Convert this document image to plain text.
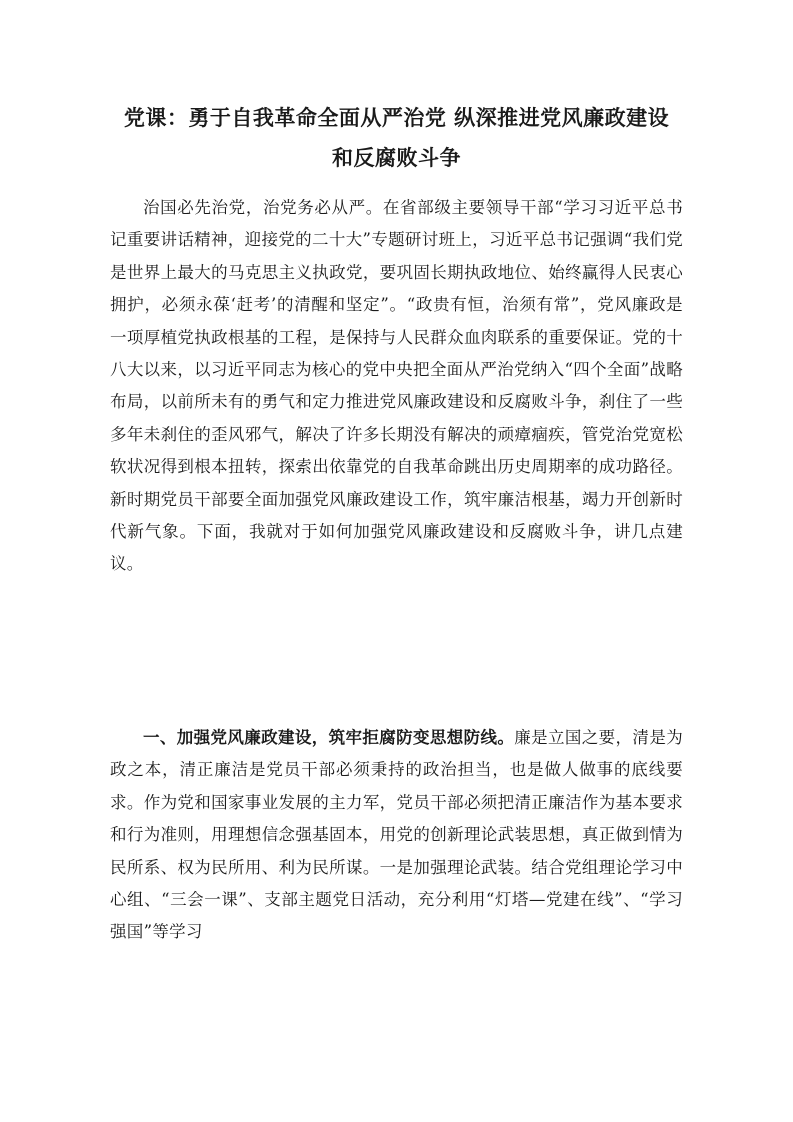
党课：勇于自我革命全面从严治党 纵深推进党风廉政建设
和反腐败斗争

治国必先治党，治党务必从严。在省部级主要领导干部“学习习近平总书记重要讲话精神，迎接党的二十大”专题研讨班上，习近平总书记强调“我们党是世界上最大的马克思主义执政党，要巩固长期执政地位、始终赢得人民衷心拥护，必须永葆‘赶考’的清醒和坚定”。“政贵有恒，治须有常”，党风廉政是一项厚植党执政根基的工程，是保持与人民群众血肉联系的重要保证。党的十八大以来，以习近平同志为核心的党中央把全面从严治党纳入“四个全面”战略布局，以前所未有的勇气和定力推进党风廉政建设和反腐败斗争，刹住了一些多年未刹住的歪风邪气，解决了许多长期没有解决的顽瘴痼疾，管党治党宽松软状况得到根本扭转，探索出依靠党的自我革命跳出历史周期率的成功路径。新时期党员干部要全面加强党风廉政建设工作，筑牢廉洁根基，竭力开创新时代新气象。下面，我就对于如何加强党风廉政建设和反腐败斗争，讲几点建议。

一、加强党风廉政建设，筑牢拒腐防变思想防线。廉是立国之要，清是为政之本，清正廉洁是党员干部必须秉持的政治担当，也是做人做事的底线要求。作为党和国家事业发展的主力军，党员干部必须把清正廉洁作为基本要求和行为准则，用理想信念强基固本，用党的创新理论武装思想，真正做到情为民所系、权为民所用、利为民所谋。一是加强理论武装。结合党组理论学习中心组、“三会一课”、支部主题党日活动，充分利用“灯塔—党建在线”、“学习强国”等学习
